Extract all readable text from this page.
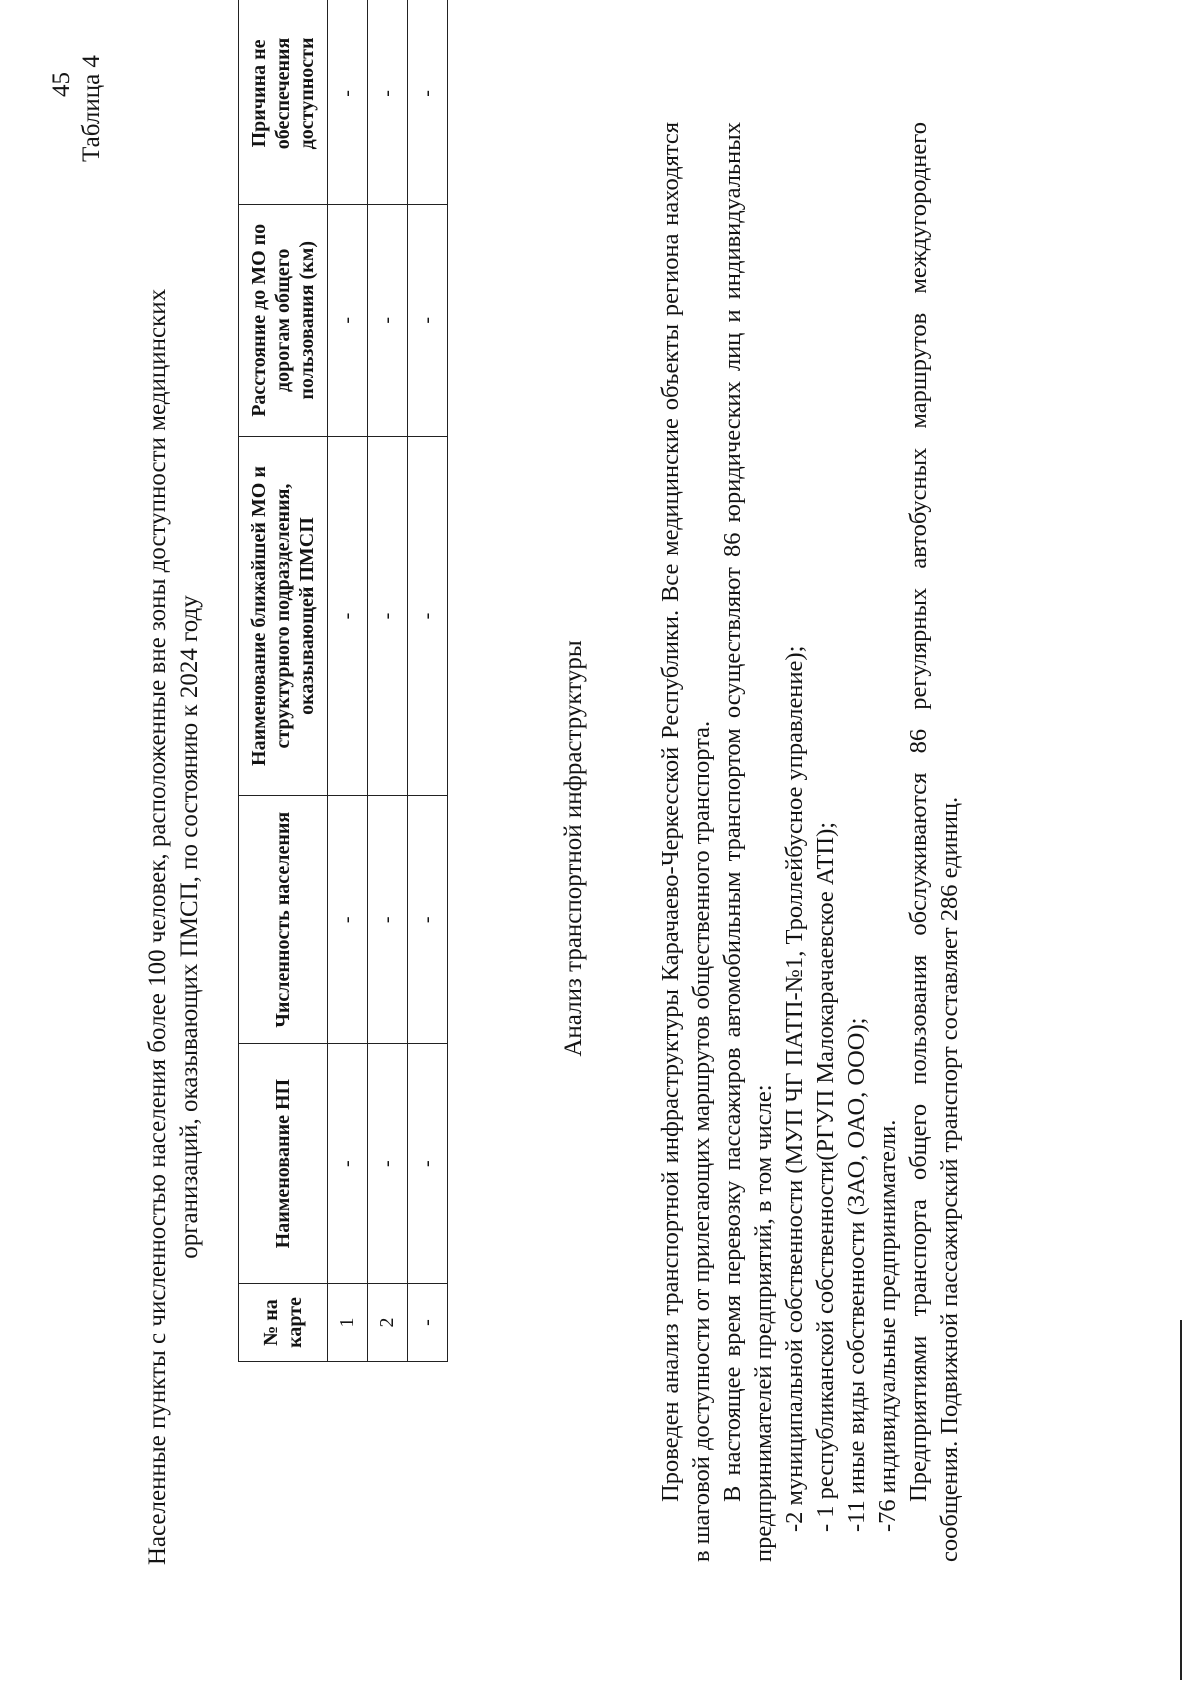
45 Таблица 4
Населенные пункты с численностью населения более 100 человек, расположенные вне зоны доступности медицинских организаций, оказывающих ПМСП, по состоянию к 2024 году
№ на карте	Наименование НП	Численность населения	Наименование ближайшей МО и структурного подразделения, оказывающей ПМСП	Расстояние до МО по дорогам общего пользования (км)	Причина не обеспечения доступности
1	-	-	-	-	-
2	-	-	-	-	-
-	-	-	-	-	-
Анализ транспортной инфраструктуры	Проведен анализ транспортной инфраструктуры Карачаево-Черкесской Республики. Все медицинские объекты региона находятся в шаговой доступности от прилегающих маршрутов общественного транспорта. В настоящее время перевозку пассажиров автомобильным транспортом осуществляют 86 юридических лиц и индивидуальных предпринимателей предприятий, в том числе: -2 муниципальной собственности (МУП ЧГ ПАТП-№1, Троллейбусное управление); - 1 республиканской собственности(РГУП Малокарачаевское АТП); -11 иные виды собственности (ЗАО, ОАО, ООО); -76 индивидуальные предприниматели. Предприятиями транспорта общего пользования обслуживаются 86 регулярных автобусных маршрутов междугороднего сообщения. Подвижной пассажирский транспорт составляет 286 единиц.
